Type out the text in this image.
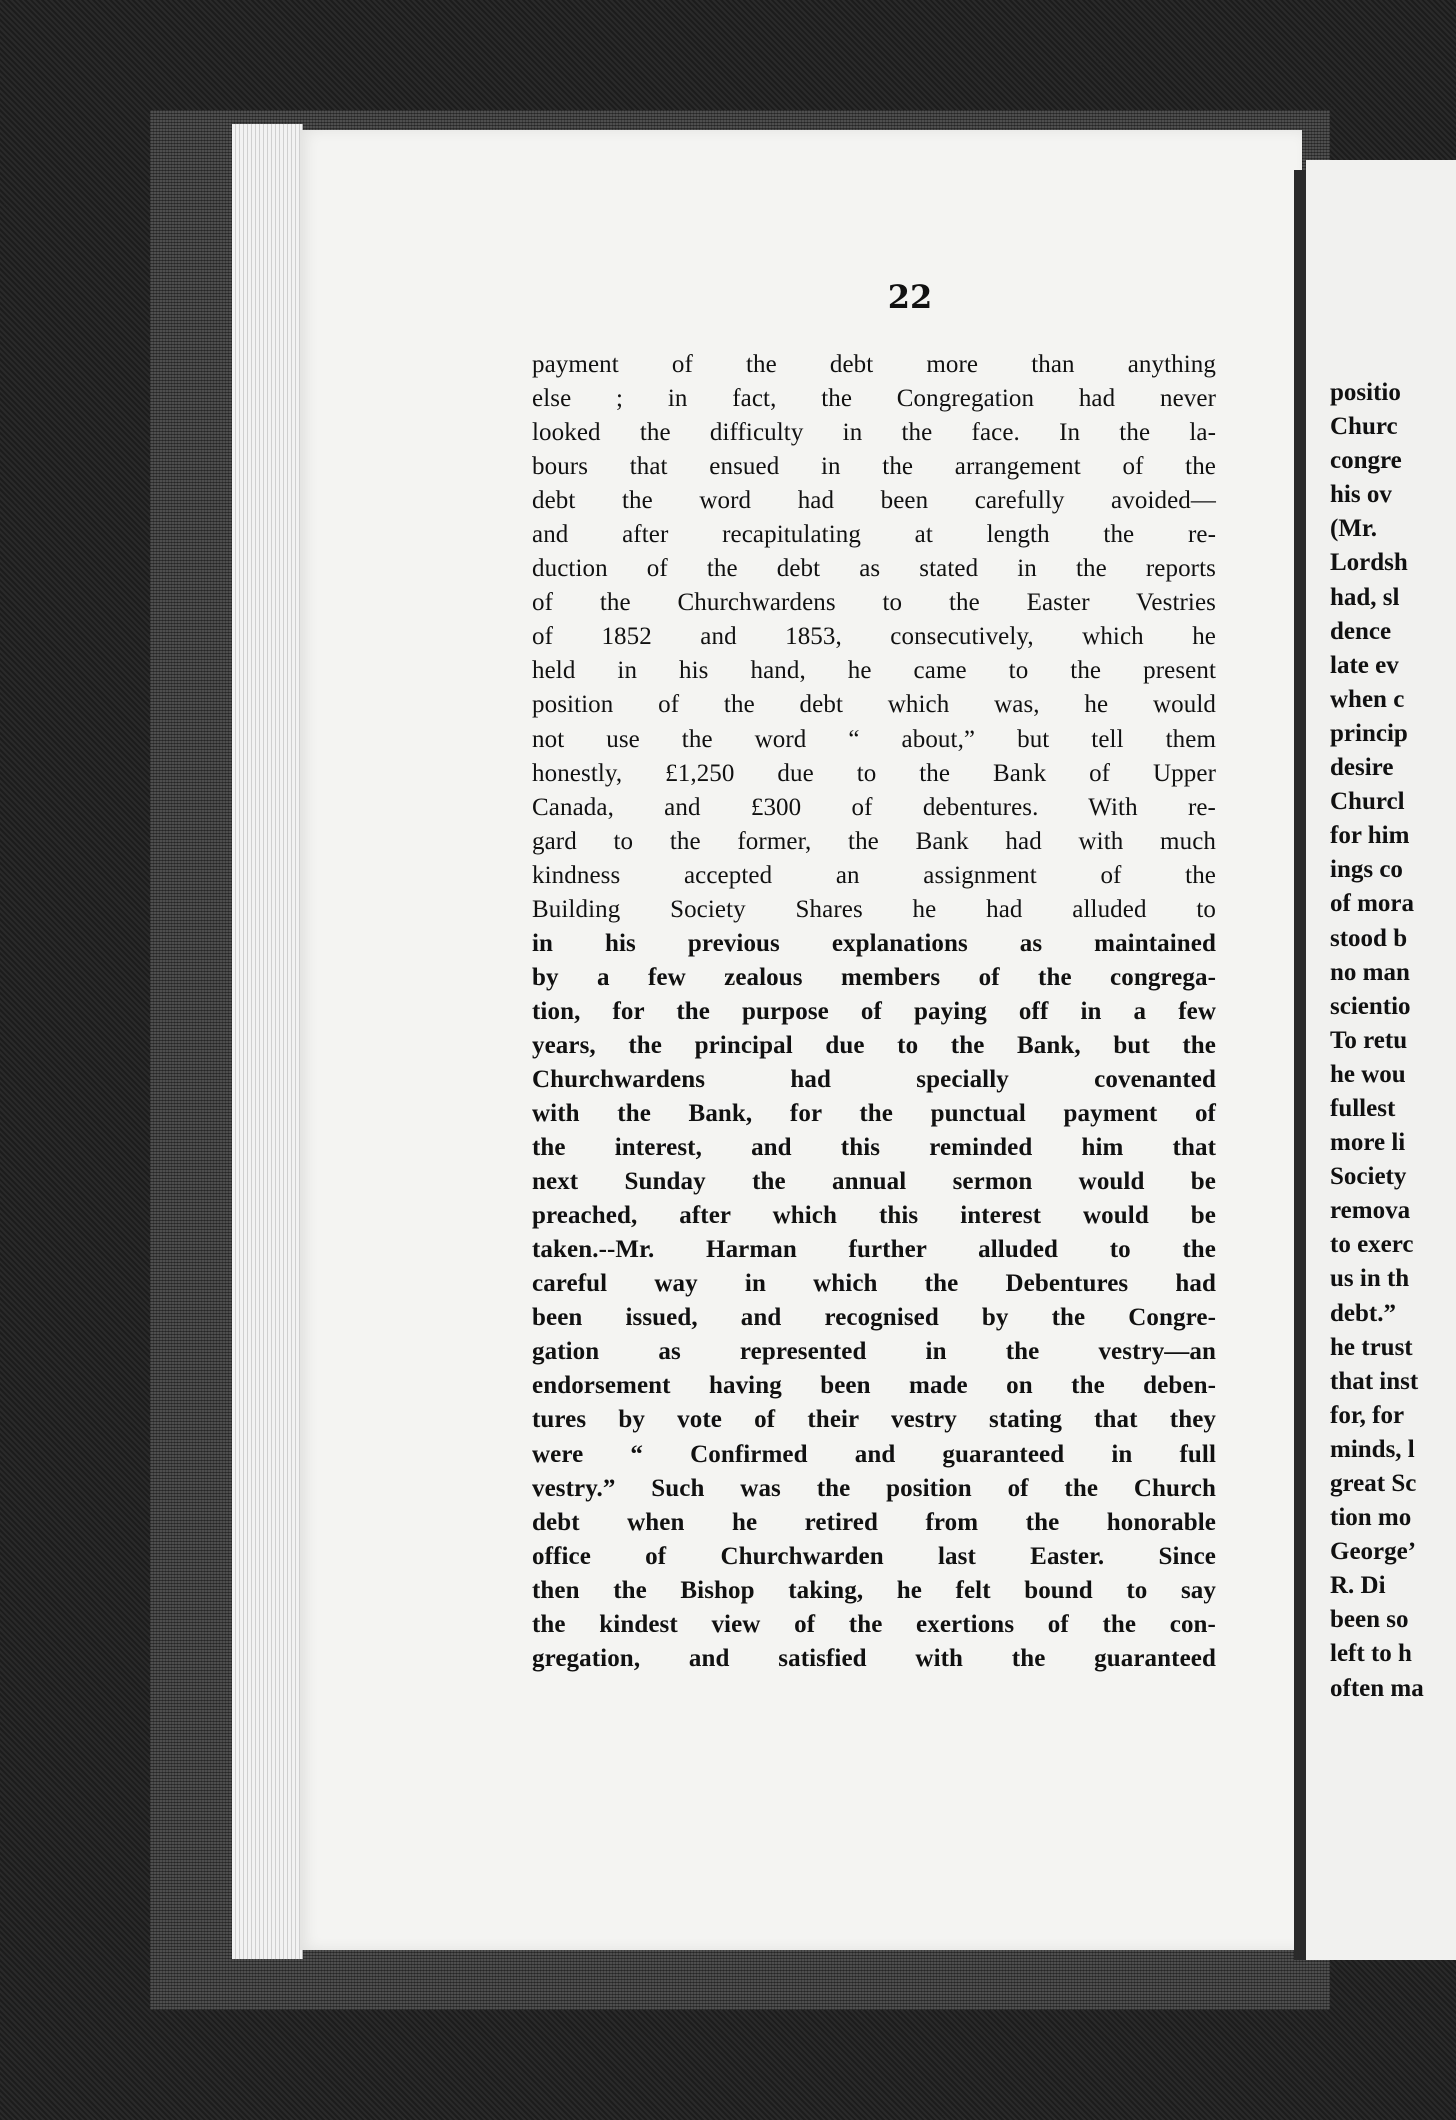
22
payment of the debt more than anything
else ; in fact, the Congregation had never
looked the difficulty in the face. In the la-
bours that ensued in the arrangement of the
debt the word had been carefully avoided—
and after recapitulating at length the re-
duction of the debt as stated in the reports
of the Churchwardens to the Easter Vestries
of 1852 and 1853, consecutively, which he
held in his hand, he came to the present
position of the debt which was, he would
not use the word “ about,” but tell them
honestly, £1,250 due to the Bank of Upper
Canada, and £300 of debentures. With re-
gard to the former, the Bank had with much
kindness accepted an assignment of the
Building Society Shares he had alluded to
in his previous explanations as maintained
by a few zealous members of the congrega-
tion, for the purpose of paying off in a few
years, the principal due to the Bank, but the
Churchwardens had specially covenanted
with the Bank, for the punctual payment of
the interest, and this reminded him that
next Sunday the annual sermon would be
preached, after which this interest would be
taken.--Mr. Harman further alluded to the
careful way in which the Debentures had
been issued, and recognised by the Congre-
gation as represented in the vestry—an
endorsement having been made on the deben-
tures by vote of their vestry stating that they
were “ Confirmed and guaranteed in full
vestry.” Such was the position of the Church
debt when he retired from the honorable
office of Churchwarden last Easter. Since
then the Bishop taking, he felt bound to say
the kindest view of the exertions of the con-
gregation, and satisfied with the guaranteed
positio
Churc
congre
his ov
(Mr.
Lordsh
had, sl
dence
late ev
when c
princip
desire
Churcl
for him
ings co
of mora
stood b
no man
scientio
To retu
he wou
fullest
more li
Society
remova
to exerc
us in th
debt.”
he trust
that inst
for, for
minds, l
great Sc
tion mo
George’
R. Di
been so
left to h
often ma
